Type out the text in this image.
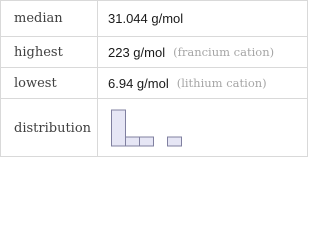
median	31.044 g/mol
highest	223 g/mol (francium cation)
lowest	6.94 g/mol (lithium cation)
distribution
